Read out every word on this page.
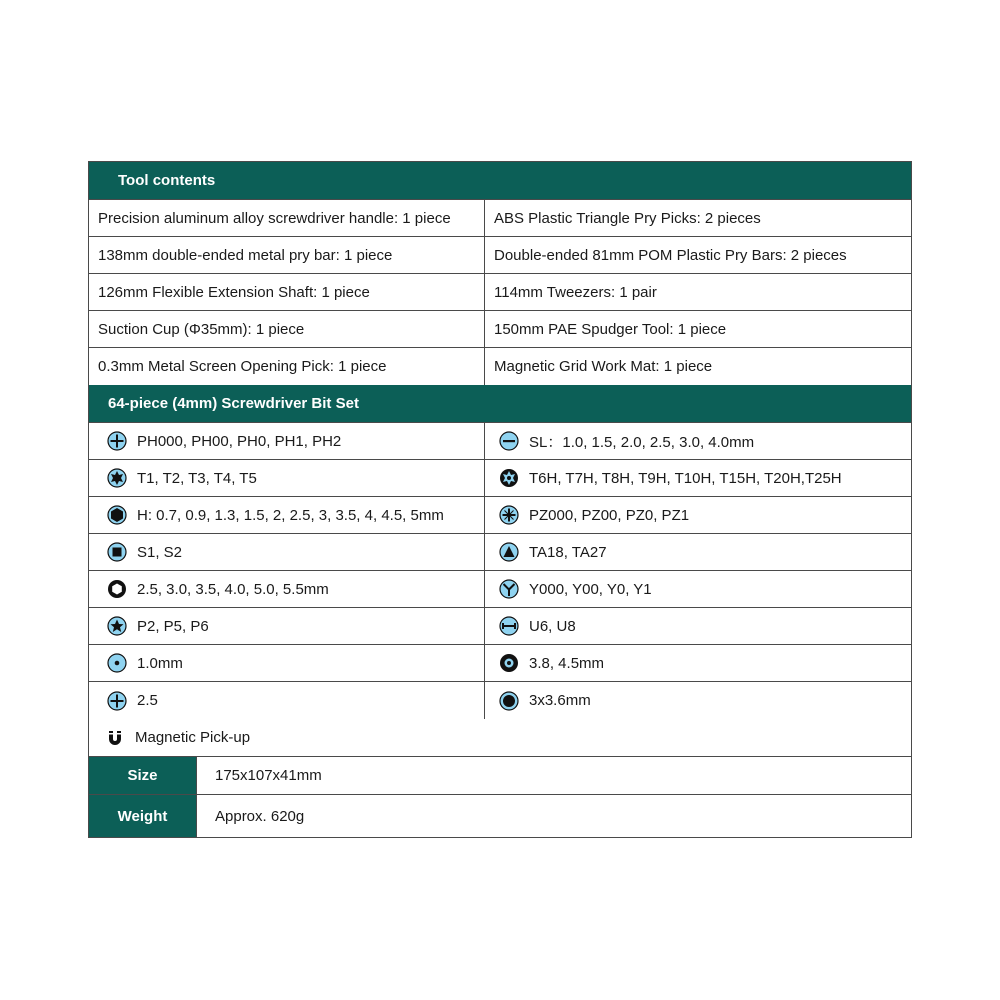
Tool contents
Precision aluminum alloy screwdriver handle: 1 piece	ABS Plastic Triangle Pry Picks: 2 pieces
138mm double-ended metal pry bar: 1 piece	Double-ended 81mm POM Plastic Pry Bars: 2 pieces
126mm Flexible Extension Shaft: 1 piece	114mm Tweezers: 1 pair
Suction Cup (Φ35mm): 1 piece	150mm PAE Spudger Tool: 1 piece
0.3mm Metal Screen Opening Pick: 1 piece	Magnetic Grid Work Mat: 1 piece
64-piece (4mm) Screwdriver Bit Set
PH000, PH00, PH0, PH1, PH2	SL：1.0, 1.5, 2.0, 2.5, 3.0, 4.0mm
T1, T2, T3, T4, T5	T6H, T7H, T8H, T9H, T10H, T15H, T20H,T25H
H: 0.7, 0.9, 1.3, 1.5, 2, 2.5, 3, 3.5, 4, 4.5, 5mm	PZ000, PZ00, PZ0, PZ1
S1, S2	TA18, TA27
2.5, 3.0, 3.5, 4.0, 5.0, 5.5mm	Y000, Y00, Y0, Y1
P2, P5, P6	U6, U8
1.0mm	3.8, 4.5mm
2.5	3x3.6mm
Magnetic Pick-up
Size	175x107x41mm
Weight	Approx. 620g
